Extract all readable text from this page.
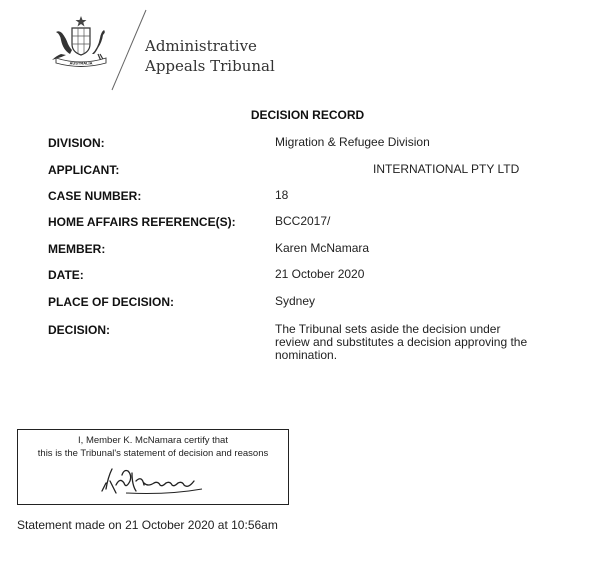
AUSTRALIA
Administrative
Appeals Tribunal
DECISION RECORD
DIVISION:	Migration & Refugee Division
APPLICANT:	INTERNATIONAL PTY LTD
CASE NUMBER:	18
HOME AFFAIRS REFERENCE(S):	BCC2017/
MEMBER:	Karen McNamara
DATE:	21 October 2020
PLACE OF DECISION:	Sydney
DECISION:	The Tribunal sets aside the decision under review and substitutes a decision approving the nomination.
I, Member K. McNamara certify that
this is the Tribunal's statement of decision and reasons
Statement made on 21 October 2020 at 10:56am
